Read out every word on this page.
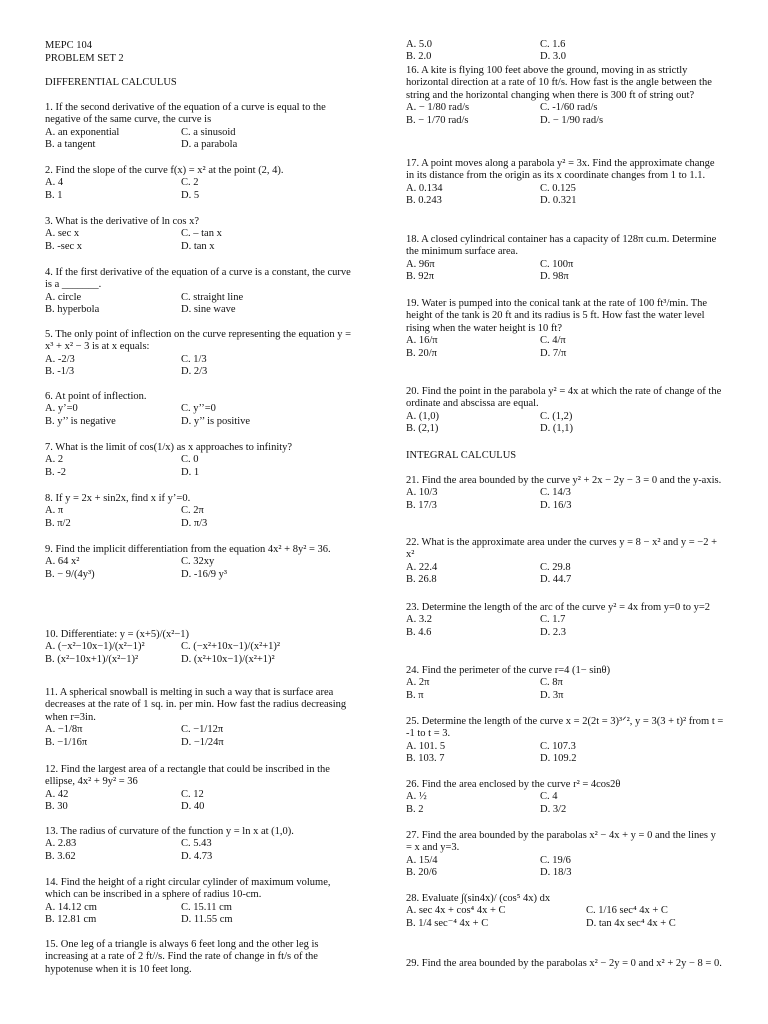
MEPC 104
PROBLEM SET 2
DIFFERENTIAL CALCULUS
1. If the second derivative of the equation of a curve is equal to the negative of the same curve, the curve is
A. an exponential	C. a sinusoid
B. a tangent	D. a parabola
2. Find the slope of the curve f(x) = x² at the point (2, 4).
A. 4	C. 2
B. 1	D. 5
3. What is the derivative of ln cos x?
A. sec x	C. – tan x
B. -sec x	D. tan x
4. If the first derivative of the equation of a curve is a constant, the curve is a _______.
A. circle	C. straight line
B. hyperbola	D. sine wave
5. The only point of inflection on the curve representing the equation y = x³ + x² − 3 is at x equals:
A. -2/3	C. 1/3
B. -1/3	D. 2/3
6. At point of inflection.
A. y’=0	C. y’’=0
B. y’’ is negative	D. y’’ is positive
7. What is the limit of cos(1/x) as x approaches to infinity?
A. 2	C. 0
B. -2	D. 1
8. If y = 2x + sin2x, find x if y’=0.
A. π	C. 2π
B. π/2	D. π/3
9. Find the implicit differentiation from the equation 4x² + 8y² = 36.
A. 64 x²	C. 32xy
B. − 9/(4y³)	D. -16/9 y³
10. Differentiate: y = (x+5)/(x²−1)
A. (−x²−10x−1)/(x²−1)²	C. (−x²+10x−1)/(x²+1)²
B. (x²−10x+1)/(x²−1)²	D. (x²+10x−1)/(x²+1)²
11. A spherical snowball is melting in such a way that is surface area decreases at the rate of 1 sq. in. per min. How fast the radius decreasing when r=3in.
A. −1/8π	C. −1/12π
B. −1/16π	D. −1/24π
12. Find the largest area of a rectangle that could be inscribed in the ellipse, 4x² + 9y² = 36
A. 42	C. 12
B. 30	D. 40
13. The radius of curvature of the function y = ln x at (1,0).
A. 2.83	C. 5.43
B. 3.62	D. 4.73
14. Find the height of a right circular cylinder of maximum volume, which can be inscribed in a sphere of radius 10-cm.
A. 14.12 cm	C. 15.11 cm
B. 12.81 cm	D. 11.55 cm
15. One leg of a triangle is always 6 feet long and the other leg is increasing at a rate of 2 ft//s. Find the rate of change in ft/s of the hypotenuse when it is 10 feet long.
INTEGRAL CALCULUS
A. 5.0	C. 1.6
B. 2.0	D. 3.0
16. A kite is flying 100 feet above the ground, moving in as strictly horizontal direction at a rate of 10 ft/s. How fast is the angle between the string and the horizontal changing when there is 300 ft of string out?
A. − 1/80 rad/s	C. -1/60 rad/s
B. − 1/70 rad/s	D. − 1/90 rad/s
17. A point moves along a parabola y² = 3x. Find the approximate change in its distance from the origin as its x coordinate changes from 1 to 1.1.
A. 0.134	C. 0.125
B. 0.243	D. 0.321
18. A closed cylindrical container has a capacity of 128π cu.m. Determine the minimum surface area.
A. 96π	C. 100π
B. 92π	D. 98π
19. Water is pumped into the conical tank at the rate of 100 ft³/min. The height of the tank is 20 ft and its radius is 5 ft. How fast the water level rising when the water height is 10 ft?
A. 16/π	C. 4/π
B. 20/π	D. 7/π
20. Find the point in the parabola y² = 4x at which the rate of change of the ordinate and abscissa are equal.
A. (1,0)	C. (1,2)
B. (2,1)	D. (1,1)
21. Find the area bounded by the curve y² + 2x − 2y − 3 = 0 and the y-axis.
A. 10/3	C. 14/3
B. 17/3	D. 16/3
22. What is the approximate area under the curves y = 8 − x² and y = −2 + x²
A. 22.4	C. 29.8
B. 26.8	D. 44.7
23. Determine the length of the arc of the curve y² = 4x from y=0 to y=2
A. 3.2	C. 1.7
B. 4.6	D. 2.3
24. Find the perimeter of the curve r=4 (1− sinθ)
A. 2π	C. 8π
B. π	D. 3π
25. Determine the length of the curve x = 2(2t = 3)³ᐟ², y = 3(3 + t)² from t = -1 to t = 3.
A. 101. 5	C. 107.3
B. 103. 7	D. 109.2
26. Find the area enclosed by the curve r² = 4cos2θ
A. ½	C. 4
B. 2	D. 3/2
27. Find the area bounded by the parabolas x² − 4x + y = 0 and the lines y = x and y=3.
A. 15/4	C. 19/6
B. 20/6	D. 18/3
28. Evaluate ∫(sin4x)/ (cos⁵ 4x) dx
A. sec 4x + cos⁴ 4x + C	C. 1/16 sec⁴ 4x + C
B. 1/4 sec⁻⁴ 4x + C	D. tan 4x sec⁴ 4x + C
29. Find the area bounded by the parabolas x² − 2y = 0 and x² + 2y − 8 = 0.
